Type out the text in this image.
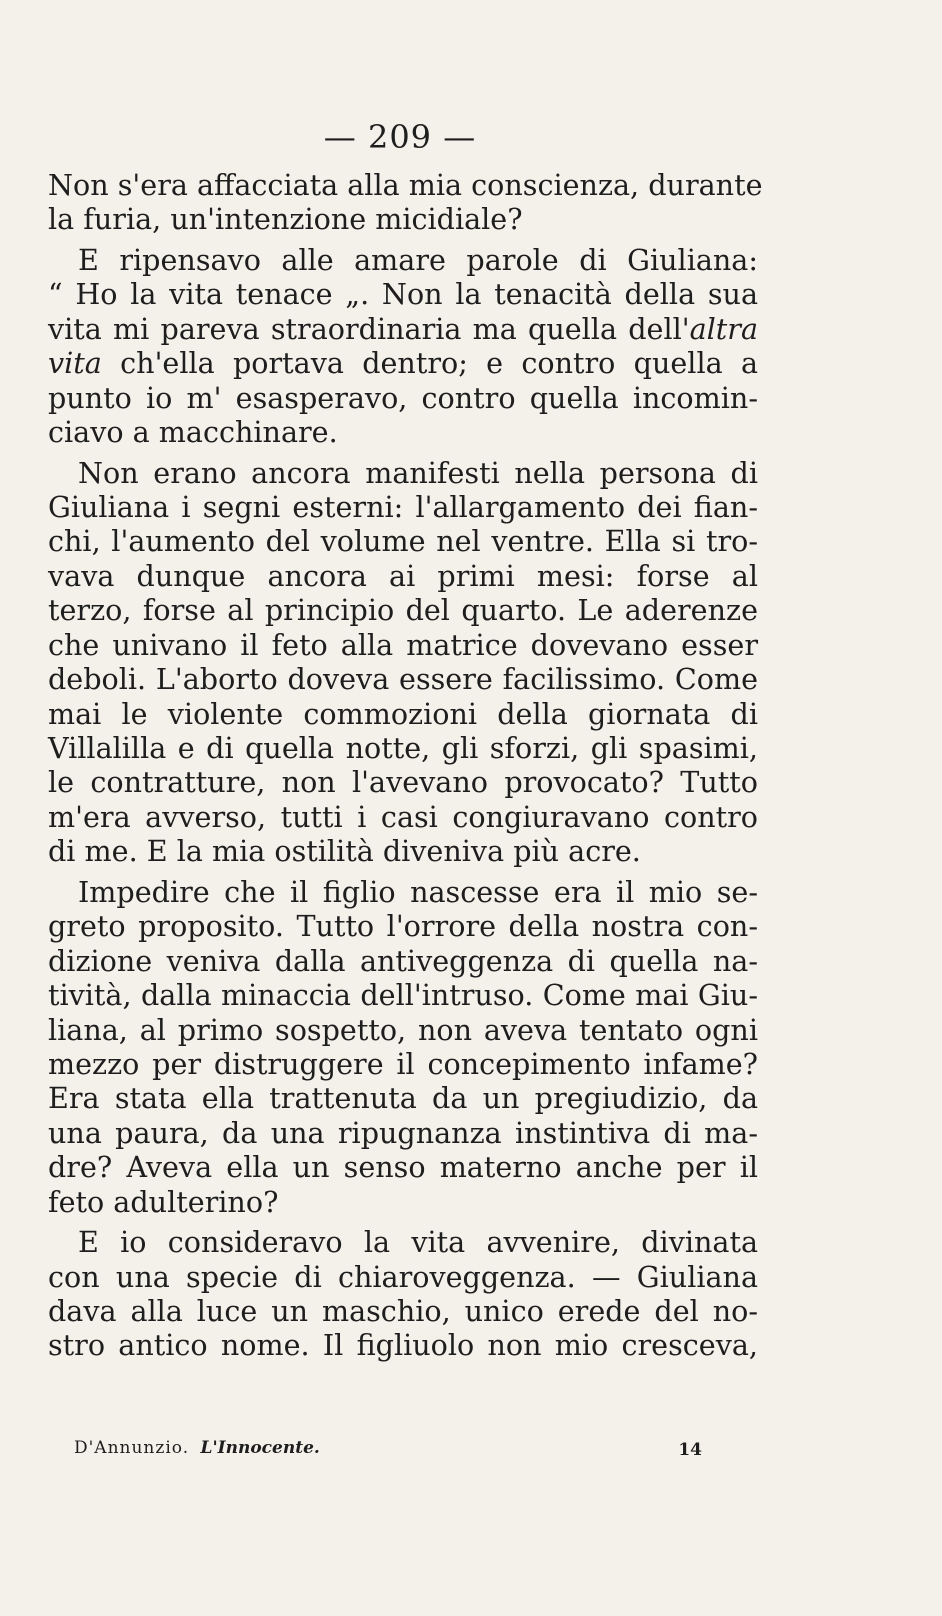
— 209 —
Non s'era affacciata alla mia conscienza, durante
la furia, un'intenzione micidiale?
E ripensavo alle amare parole di Giuliana:
“ Ho la vita tenace „. Non la tenacità della sua
vita mi pareva straordinaria ma quella dell'altra
vita ch'ella portava dentro; e contro quella a
punto io m' esasperavo, contro quella incomin-
ciavo a macchinare.
Non erano ancora manifesti nella persona di
Giuliana i segni esterni: l'allargamento dei fian-
chi, l'aumento del volume nel ventre. Ella si tro-
vava dunque ancora ai primi mesi: forse al
terzo, forse al principio del quarto. Le aderenze
che univano il feto alla matrice dovevano esser
deboli. L'aborto doveva essere facilissimo. Come
mai le violente commozioni della giornata di
Villalilla e di quella notte, gli sforzi, gli spasimi,
le contratture, non l'avevano provocato? Tutto
m'era avverso, tutti i casi congiuravano contro
di me. E la mia ostilità diveniva più acre.
Impedire che il figlio nascesse era il mio se-
greto proposito. Tutto l'orrore della nostra con-
dizione veniva dalla antiveggenza di quella na-
tività, dalla minaccia dell'intruso. Come mai Giu-
liana, al primo sospetto, non aveva tentato ogni
mezzo per distruggere il concepimento infame?
Era stata ella trattenuta da un pregiudizio, da
una paura, da una ripugnanza instintiva di ma-
dre? Aveva ella un senso materno anche per il
feto adulterino?
E io consideravo la vita avvenire, divinata
con una specie di chiaroveggenza. — Giuliana
dava alla luce un maschio, unico erede del no-
stro antico nome. Il figliuolo non mio cresceva,
D'Annunzio. L'Innocente.	14
